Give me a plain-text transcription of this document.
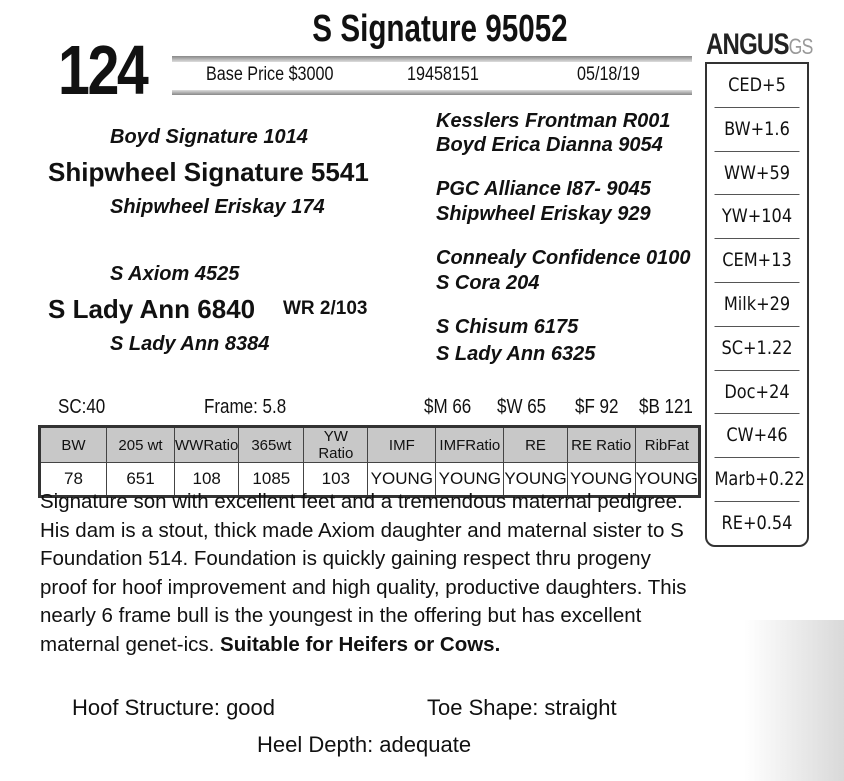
124
S Signature 95052
Base Price $3000	19458151	05/18/19
ANGUSGS
Boyd Signature 1014
Shipwheel Signature 5541
Shipwheel Eriskay 174
Kesslers Frontman R001
Boyd Erica Dianna 9054
PGC Alliance I87- 9045
Shipwheel Eriskay 929
S Axiom 4525
S Lady Ann 6840 WR 2/103
S Lady Ann 8384
Connealy Confidence 0100
S Cora 204
S Chisum 6175
S Lady Ann 6325
CED+5
BW+1.6
WW+59
YW+104
CEM+13
Milk+29
SC+1.22
Doc+24
CW+46
Marb+0.22
RE+0.54
SC:40	Frame: 5.8	$M 66 $W 65 $F 92 $B 121
BW	205 wt	WWRatio	365wt	YW Ratio	IMF	IMFRatio	RE	RE Ratio	RibFat
78	651	108	1085	103	YOUNG	YOUNG	YOUNG	YOUNG	YOUNG
Signature son with excellent feet and a tremendous maternal pedigree. His dam is a stout, thick made Axiom daughter and maternal sister to S Foundation 514. Foundation is quickly gaining respect thru progeny proof for hoof improvement and high quality, productive daughters. This nearly 6 frame bull is the youngest in the offering but has excellent maternal genet-ics. Suitable for Heifers or Cows.
Hoof Structure: good	Toe Shape: straight
Heel Depth: adequate
